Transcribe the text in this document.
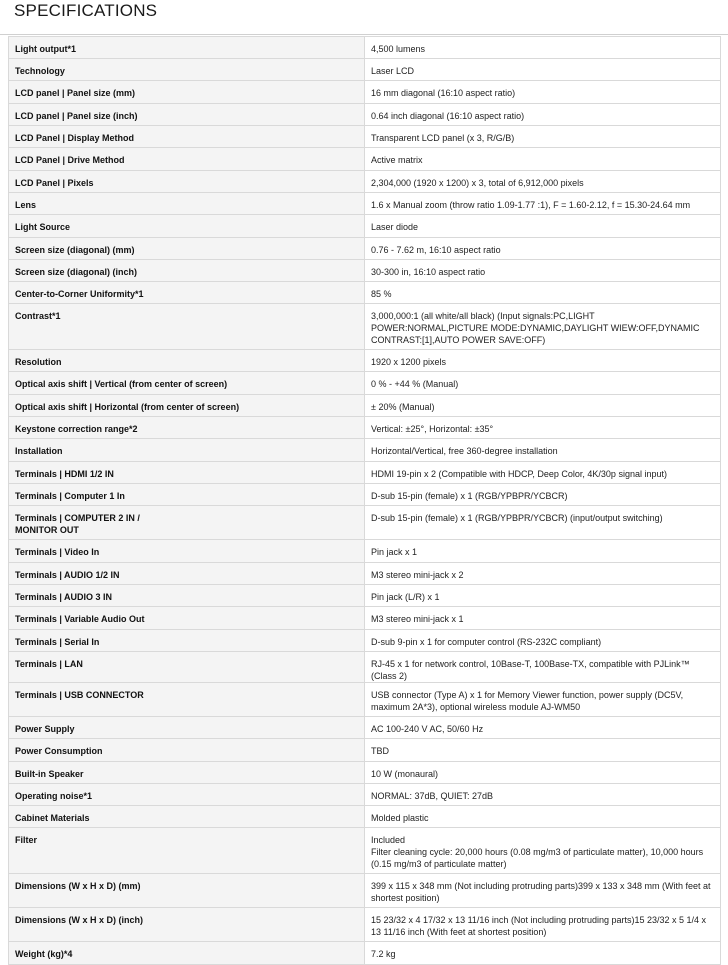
SPECIFICATIONS
Light output*1	4,500 lumens
Technology	Laser LCD
LCD panel | Panel size (mm)	16 mm diagonal (16:10 aspect ratio)
LCD panel | Panel size (inch)	0.64 inch diagonal (16:10 aspect ratio)
LCD Panel | Display Method	Transparent LCD panel (x 3, R/G/B)
LCD Panel | Drive Method	Active matrix
LCD Panel | Pixels	2,304,000 (1920 x 1200) x 3, total of 6,912,000 pixels
Lens	1.6 x Manual zoom (throw ratio 1.09-1.77 :1), F = 1.60-2.12, f = 15.30-24.64 mm
Light Source	Laser diode
Screen size (diagonal) (mm)	0.76 - 7.62 m, 16:10 aspect ratio
Screen size (diagonal) (inch)	30-300 in, 16:10 aspect ratio
Center-to-Corner Uniformity*1	85 %
Contrast*1	3,000,000:1 (all white/all black) (Input signals:PC,LIGHT
POWER:NORMAL,PICTURE MODE:DYNAMIC,DAYLIGHT WIEW:OFF,DYNAMIC
CONTRAST:[1],AUTO POWER SAVE:OFF)
Resolution	1920 x 1200 pixels
Optical axis shift | Vertical (from center of screen)	0 % - +44 % (Manual)
Optical axis shift | Horizontal (from center of screen)	± 20% (Manual)
Keystone correction range*2	Vertical: ±25°, Horizontal: ±35°
Installation	Horizontal/Vertical, free 360-degree installation
Terminals | HDMI 1/2 IN	HDMI 19-pin x 2 (Compatible with HDCP, Deep Color, 4K/30p signal input)
Terminals | Computer 1 In	D-sub 15-pin (female) x 1 (RGB/YPBPR/YCBCR)
Terminals | COMPUTER 2 IN /
MONITOR OUT	D-sub 15-pin (female) x 1 (RGB/YPBPR/YCBCR) (input/output switching)
Terminals | Video In	Pin jack x 1
Terminals | AUDIO 1/2 IN	M3 stereo mini-jack x 2
Terminals | AUDIO 3 IN	Pin jack (L/R) x 1
Terminals | Variable Audio Out	M3 stereo mini-jack x 1
Terminals | Serial In	D-sub 9-pin x 1 for computer control (RS-232C compliant)
Terminals | LAN	RJ-45 x 1 for network control, 10Base-T, 100Base-TX, compatible with PJLink™
(Class 2)
Terminals | USB CONNECTOR	USB connector (Type A) x 1 for Memory Viewer function, power supply (DC5V,
maximum 2A*3), optional wireless module AJ-WM50
Power Supply	AC 100-240 V AC, 50/60 Hz
Power Consumption	TBD
Built-in Speaker	10 W (monaural)
Operating noise*1	NORMAL: 37dB, QUIET: 27dB
Cabinet Materials	Molded plastic
Filter	Included
Filter cleaning cycle: 20,000 hours (0.08 mg/m3 of particulate matter), 10,000 hours
(0.15 mg/m3 of particulate matter)
Dimensions (W x H x D) (mm)	399 x 115 x 348 mm (Not including protruding parts)399 x 133 x 348 mm (With feet at
shortest position)
Dimensions (W x H x D) (inch)	15 23/32 x 4 17/32 x 13 11/16 inch (Not including protruding parts)15 23/32 x 5 1/4 x
13 11/16 inch (With feet at shortest position)
Weight (kg)*4	7.2 kg
